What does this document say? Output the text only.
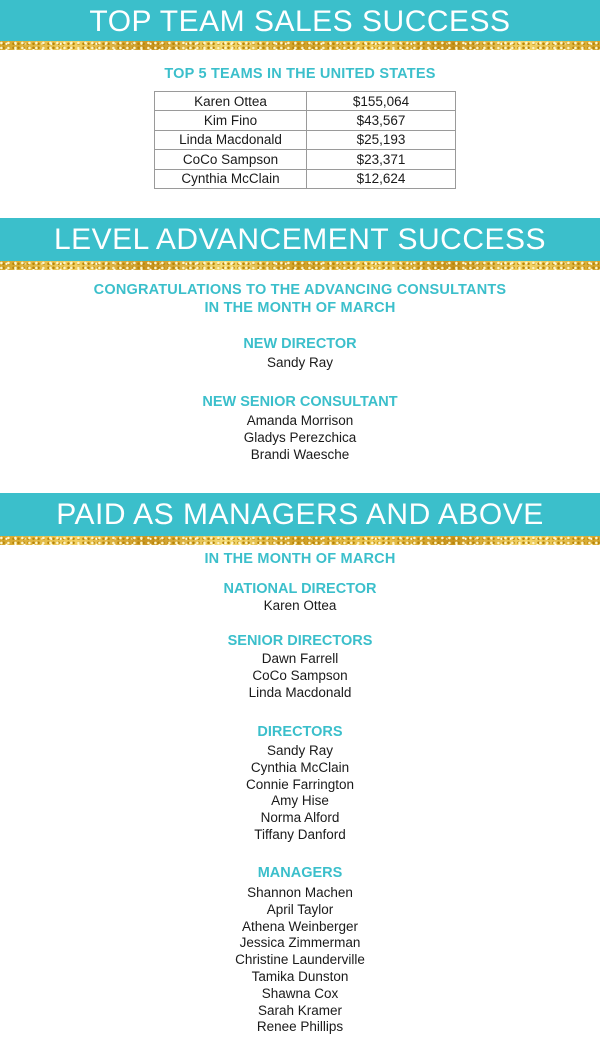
TOP TEAM SALES SUCCESS
TOP 5 TEAMS IN THE UNITED STATES
Karen Ottea	$155,064
Kim Fino	$43,567
Linda Macdonald	$25,193
CoCo Sampson	$23,371
Cynthia McClain	$12,624
LEVEL ADVANCEMENT SUCCESS
CONGRATULATIONS TO THE ADVANCING CONSULTANTS
IN THE MONTH OF MARCH
NEW DIRECTOR
Sandy Ray
NEW SENIOR CONSULTANT
Amanda Morrison
Gladys Perezchica
Brandi Waesche
PAID AS MANAGERS AND ABOVE
IN THE MONTH OF MARCH
NATIONAL DIRECTOR
Karen Ottea
SENIOR DIRECTORS
Dawn Farrell
CoCo Sampson
Linda Macdonald
DIRECTORS
Sandy Ray
Cynthia McClain
Connie Farrington
Amy Hise
Norma Alford
Tiffany Danford
MANAGERS
Shannon Machen
April Taylor
Athena Weinberger
Jessica Zimmerman
Christine Launderville
Tamika Dunston
Shawna Cox
Sarah Kramer
Renee Phillips
